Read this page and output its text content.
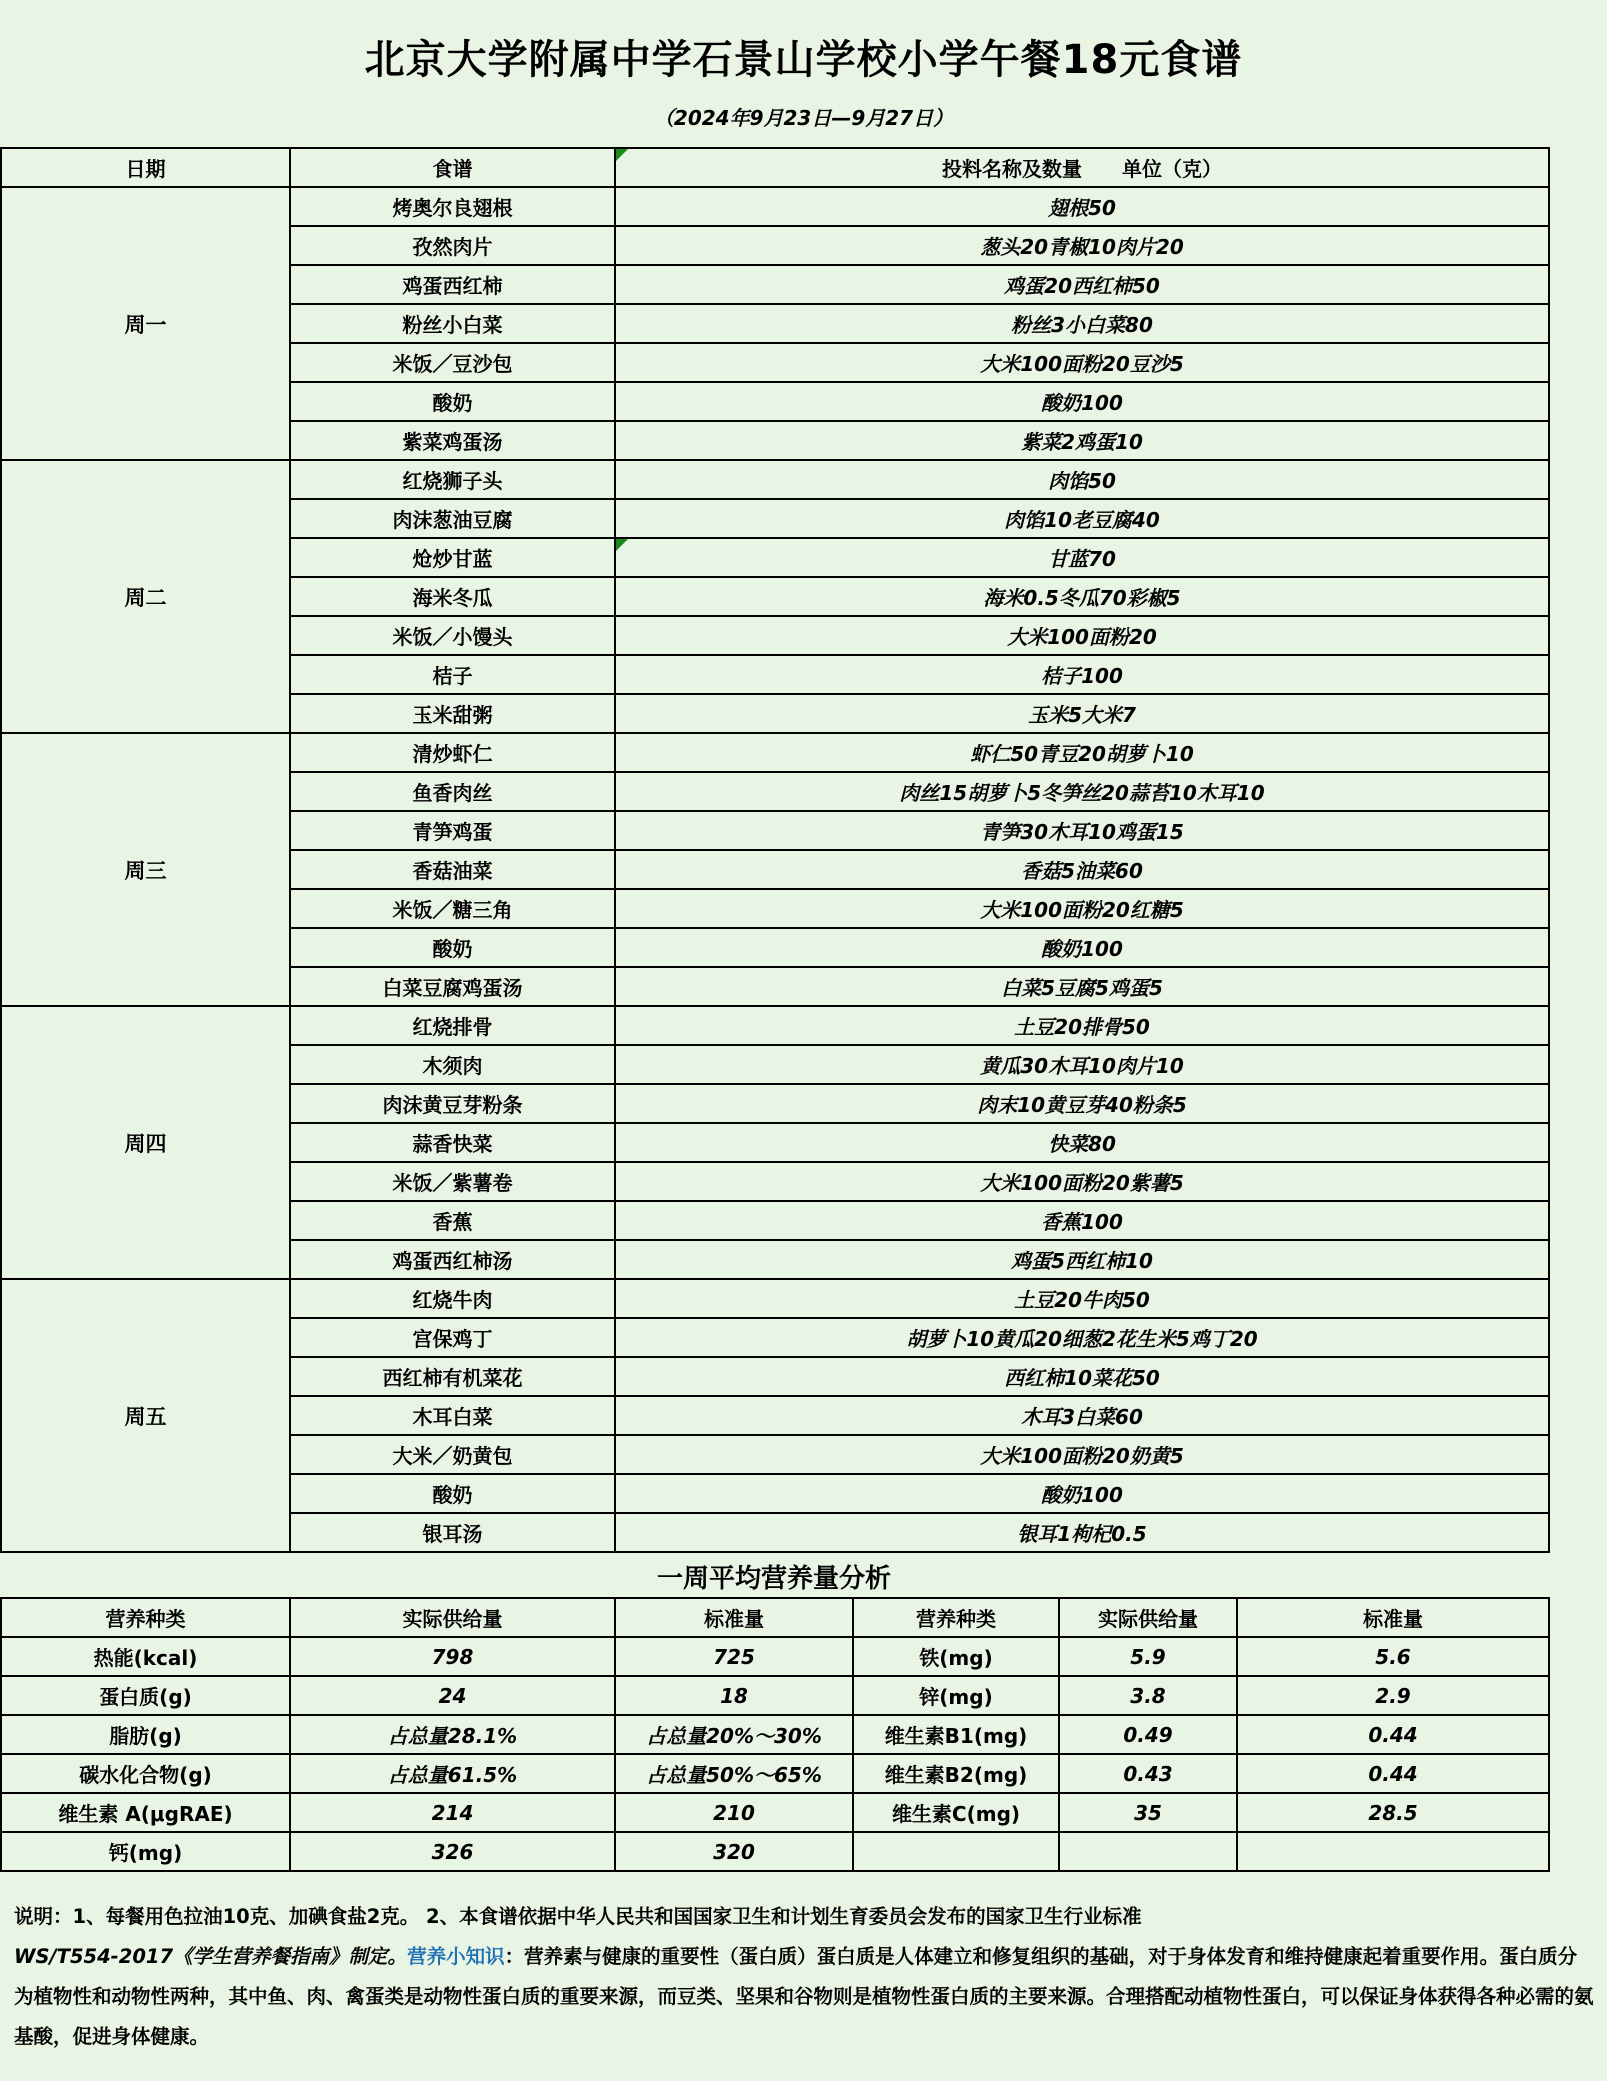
北京大学附属中学石景山学校小学午餐18元食谱
（2024年9月23日—9月27日）
日期	食谱	投料名称及数量　　单位（克）
周一	烤奥尔良翅根	翅根50
	孜然肉片	葱头20青椒10肉片20
	鸡蛋西红柿	鸡蛋20西红柿50
	粉丝小白菜	粉丝3小白菜80
	米饭／豆沙包	大米100面粉20豆沙5
	酸奶	酸奶100
	紫菜鸡蛋汤	紫菜2鸡蛋10
周二	红烧狮子头	肉馅50
	肉沫葱油豆腐	肉馅10老豆腐40
	炝炒甘蓝	甘蓝70
	海米冬瓜	海米0.5冬瓜70彩椒5
	米饭／小馒头	大米100面粉20
	桔子	桔子100
	玉米甜粥	玉米5大米7
周三	清炒虾仁	虾仁50青豆20胡萝卜10
	鱼香肉丝	肉丝15胡萝卜5冬笋丝20蒜苔10木耳10
	青笋鸡蛋	青笋30木耳10鸡蛋15
	香菇油菜	香菇5油菜60
	米饭／糖三角	大米100面粉20红糖5
	酸奶	酸奶100
	白菜豆腐鸡蛋汤	白菜5豆腐5鸡蛋5
周四	红烧排骨	土豆20排骨50
	木须肉	黄瓜30木耳10肉片10
	肉沫黄豆芽粉条	肉末10黄豆芽40粉条5
	蒜香快菜	快菜80
	米饭／紫薯卷	大米100面粉20紫薯5
	香蕉	香蕉100
	鸡蛋西红柿汤	鸡蛋5西红柿10
周五	红烧牛肉	土豆20牛肉50
	宫保鸡丁	胡萝卜10黄瓜20细葱2花生米5鸡丁20
	西红柿有机菜花	西红柿10菜花50
	木耳白菜	木耳3白菜60
	大米／奶黄包	大米100面粉20奶黄5
	酸奶	酸奶100
	银耳汤	银耳1枸杞0.5
一周平均营养量分析
营养种类	实际供给量	标准量	营养种类	实际供给量	标准量
热能(kcal)	798	725	铁(mg)	5.9	5.6
蛋白质(g)	24	18	锌(mg)	3.8	2.9
脂肪(g)	占总量28.1%	占总量20%～30%	维生素B1(mg)	0.49	0.44
碳水化合物(g)	占总量61.5%	占总量50%～65%	维生素B2(mg)	0.43	0.44
维生素 A(μgRAE)	214	210	维生素C(mg)	35	28.5
钙(mg)	326	320			
说明：1、每餐用色拉油10克、加碘食盐2克。 2、本食谱依据中华人民共和国国家卫生和计划生育委员会发布的国家卫生行业标准
WS/T554-2017《学生营养餐指南》制定。营养小知识：营养素与健康的重要性（蛋白质）蛋白质是人体建立和修复组织的基础，对于身体发育和维持健康起着重要作用。蛋白质分为植物性和动物性两种，其中鱼、肉、禽蛋类是动物性蛋白质的重要来源，而豆类、坚果和谷物则是植物性蛋白质的主要来源。合理搭配动植物性蛋白，可以保证身体获得各种必需的氨基酸，促进身体健康。
